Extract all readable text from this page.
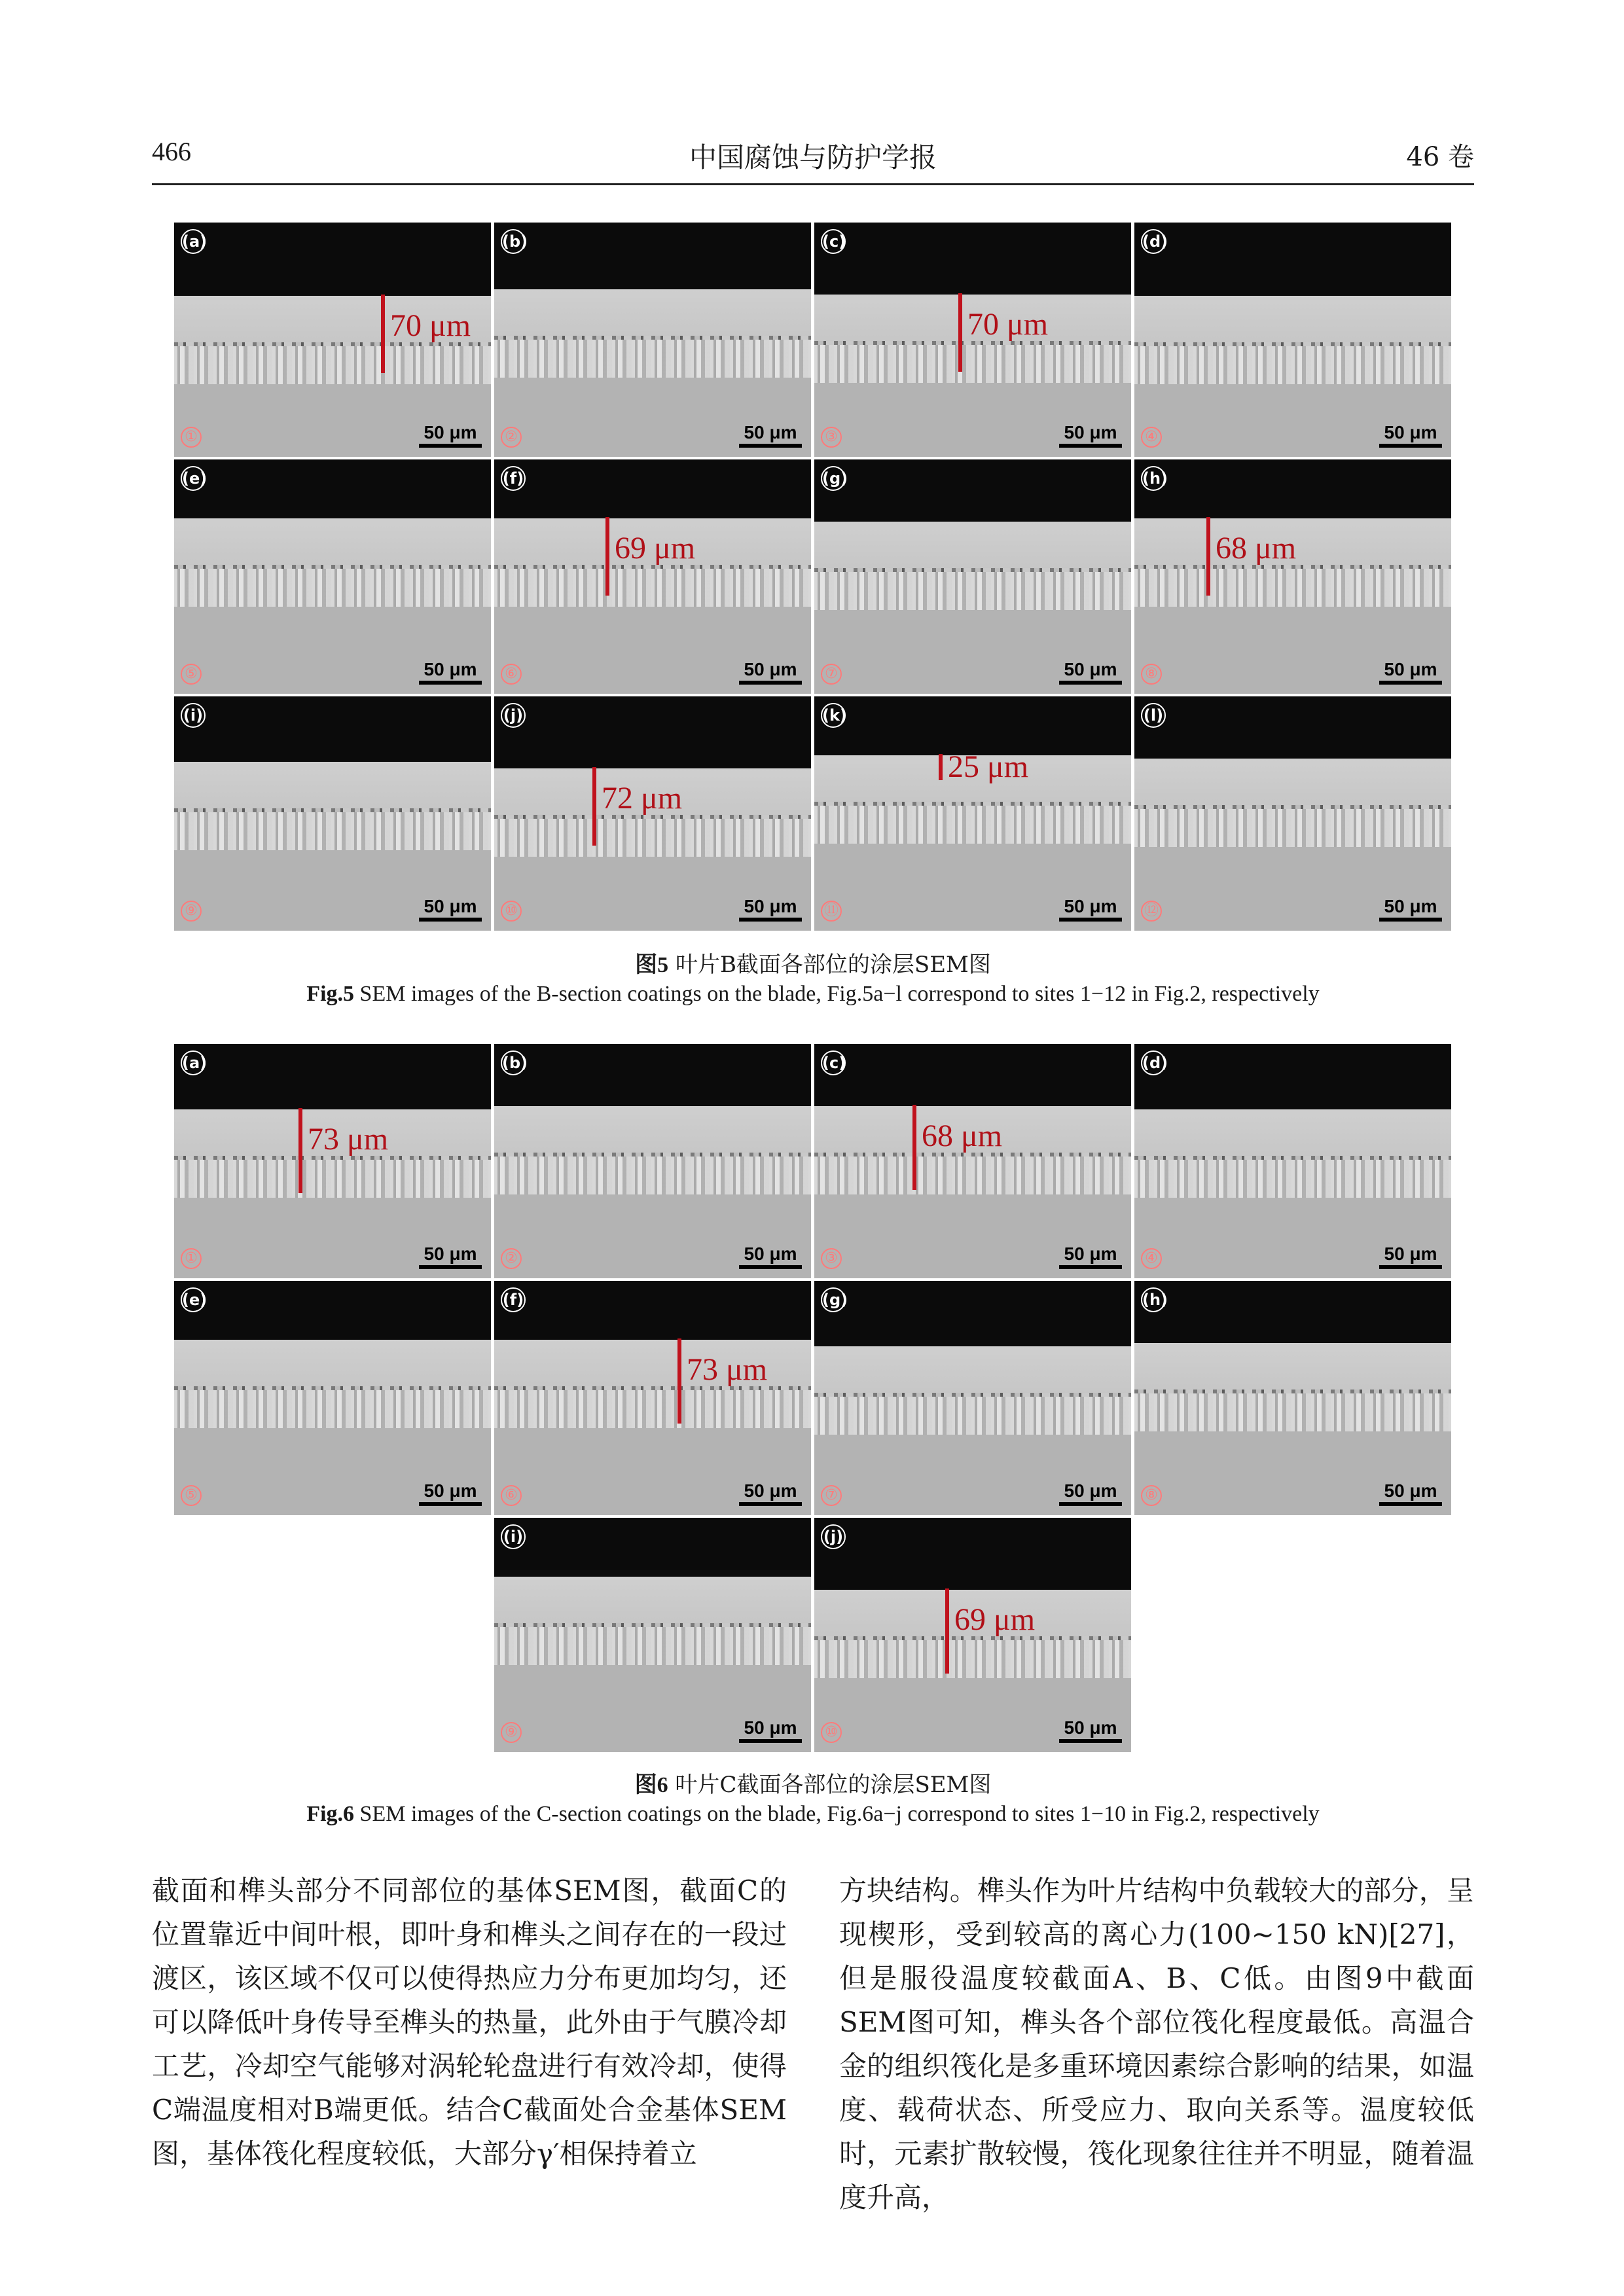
466	中国腐蚀与防护学报	46 卷
(a)
①	50 μm
70 μm
(b)
②	50 μm
(c)
③	50 μm
70 μm
(d)
④	50 μm
(e)
⑤	50 μm
(f)
⑥	50 μm
69 μm
(g)
⑦	50 μm
(h)
⑧	50 μm
68 μm
(i)
⑨	50 μm
(j)
⑩	50 μm
72 μm
(k)
⑪	50 μm
25 μm
(l)
⑫	50 μm
图5 叶片B截面各部位的涂层SEM图
Fig.5 SEM images of the B-section coatings on the blade, Fig.5a−l correspond to sites 1−12 in Fig.2, respectively
(a)
①	50 μm
73 μm
(b)
②	50 μm
(c)
③	50 μm
68 μm
(d)
④	50 μm
(e)
⑤	50 μm
(f)
⑥	50 μm
73 μm
(g)
⑦	50 μm
(h)
⑧	50 μm
(i)
⑨	50 μm
(j)
⑩	50 μm
69 μm
图6 叶片C截面各部位的涂层SEM图
Fig.6 SEM images of the C-section coatings on the blade, Fig.6a−j correspond to sites 1−10 in Fig.2, respectively
截面和榫头部分不同部位的基体SEM图，截面C的位置靠近中间叶根，即叶身和榫头之间存在的一段过渡区，该区域不仅可以使得热应力分布更加均匀，还可以降低叶身传导至榫头的热量，此外由于气膜冷却工艺，冷却空气能够对涡轮轮盘进行有效冷却，使得C端温度相对B端更低。结合C截面处合金基体SEM图，基体筏化程度较低，大部分γ′相保持着立
方块结构。榫头作为叶片结构中负载较大的部分，呈现楔形，受到较高的离心力(100~150 kN)[27]，但是服役温度较截面A、B、C低。由图9中截面SEM图可知，榫头各个部位筏化程度最低。高温合金的组织筏化是多重环境因素综合影响的结果，如温度、载荷状态、所受应力、取向关系等。温度较低时，元素扩散较慢，筏化现象往往并不明显，随着温度升高，
